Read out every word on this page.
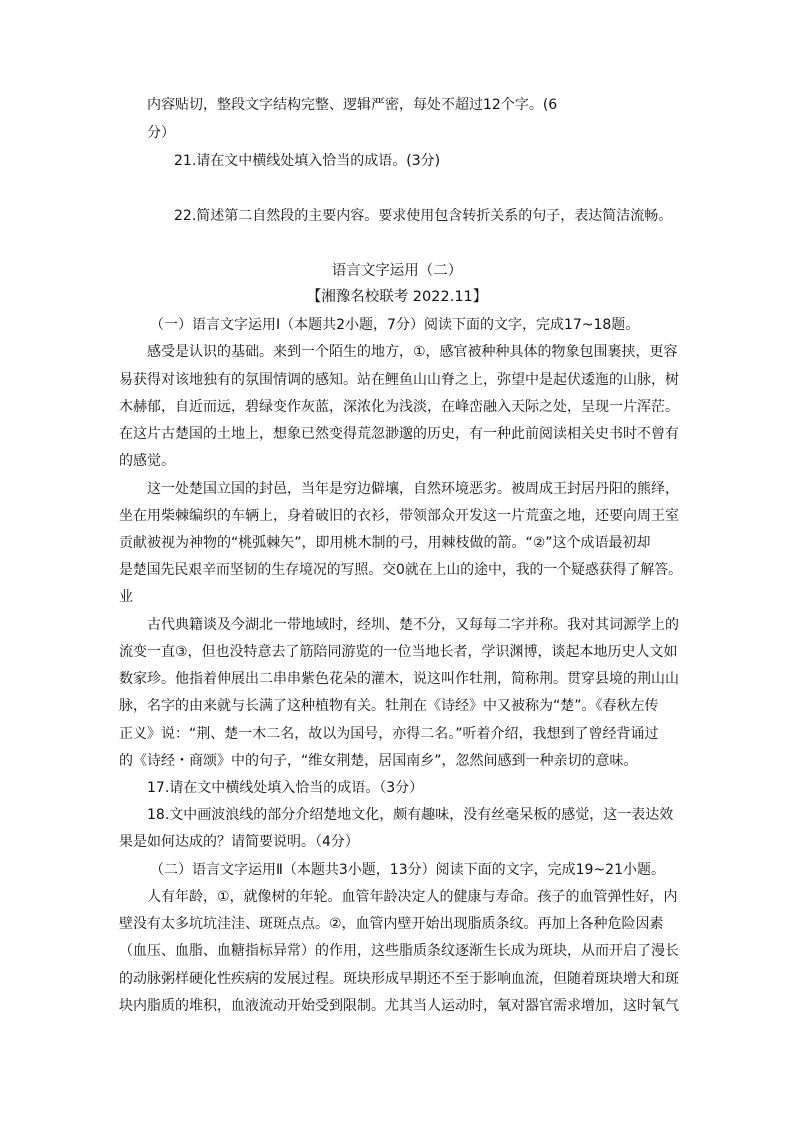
内容贴切，整段文字结构完整、逻辑严密，每处不超过12个字。(6
分）
21.请在文中横线处填入恰当的成语。(3分)
22.简述第二自然段的主要内容。要求使用包含转折关系的句子，表达简洁流畅。
语言文字运用（二）
【湘豫名校联考 2022.11】
（一）语言文字运用Ⅰ（本题共2小题，7分）阅读下面的文字，完成17~18题。
感受是认识的基础。来到一个陌生的地方，①，感官被种种具体的物象包围裹挟，更容
易获得对该地独有的氛围情调的感知。站在鲤鱼山山脊之上，弥望中是起伏逶迤的山脉，树
木赫郁，自近而远，碧绿变作灰蓝，深浓化为浅淡，在峰峦融入天际之处，呈现一片浑茫。
在这片古楚国的土地上，想象已然变得荒忽渺邈的历史，有一种此前阅读相关史书时不曾有
的感觉。
这一处楚国立国的封邑，当年是穷边僻壤，自然环境恶劣。被周成王封居丹阳的熊绎，
坐在用柴棘编织的车辆上，身着破旧的衣衫，带领部众开发这一片荒蛮之地，还要向周王室
贡献被视为神物的“桃弧棘矢”，即用桃木制的弓，用棘枝做的箭。“②”这个成语最初却
是楚国先民艰辛而坚韧的生存境况的写照。交0就在上山的途中，我的一个疑惑获得了解答。
业
古代典籍谈及今湖北一带地域时，经圳、楚不分，又每每二字并称。我对其词源学上的
流变一直③，但也没特意去了筋陪同游览的一位当地长者，学识渊博，谈起本地历史人文如
数家珍。他指着伸展出二串串紫色花朵的灌木，说这叫作牡荆，简称荆。贯穿县境的荆山山
脉，名字的由来就与长满了这种植物有关。牡荆在《诗经》中又被称为“楚”。《春秋左传
正义》说：“荆、楚一木二名，故以为国号，亦得二名。”听着介绍，我想到了曾经背诵过
的《诗经・商颂》中的句子，“维女荆楚，居国南乡”，忽然间感到一种亲切的意味。
17.请在文中横线处填入恰当的成语。（3分）
18.文中画波浪线的部分介绍楚地文化，颇有趣味，没有丝毫呆板的感觉，这一表达效
果是如何达成的？请简要说明。（4分）
（二）语言文字运用Ⅱ（本题共3小题，13分）阅读下面的文字，完成19~21小题。
人有年龄，①，就像树的年轮。血管年龄决定人的健康与寿命。孩子的血管弹性好，内
壁没有太多坑坑洼洼、斑斑点点。②，血管内壁开始出现脂质条纹。再加上各种危险因素
（血压、血脂、血糖指标异常）的作用，这些脂质条纹逐渐生长成为斑块，从而开启了漫长
的动脉粥样硬化性疾病的发展过程。斑块形成早期还不至于影响血流，但随着斑块增大和斑
块内脂质的堆积，血液流动开始受到限制。尤其当人运动时，氧对器官需求增加，这时氧气
